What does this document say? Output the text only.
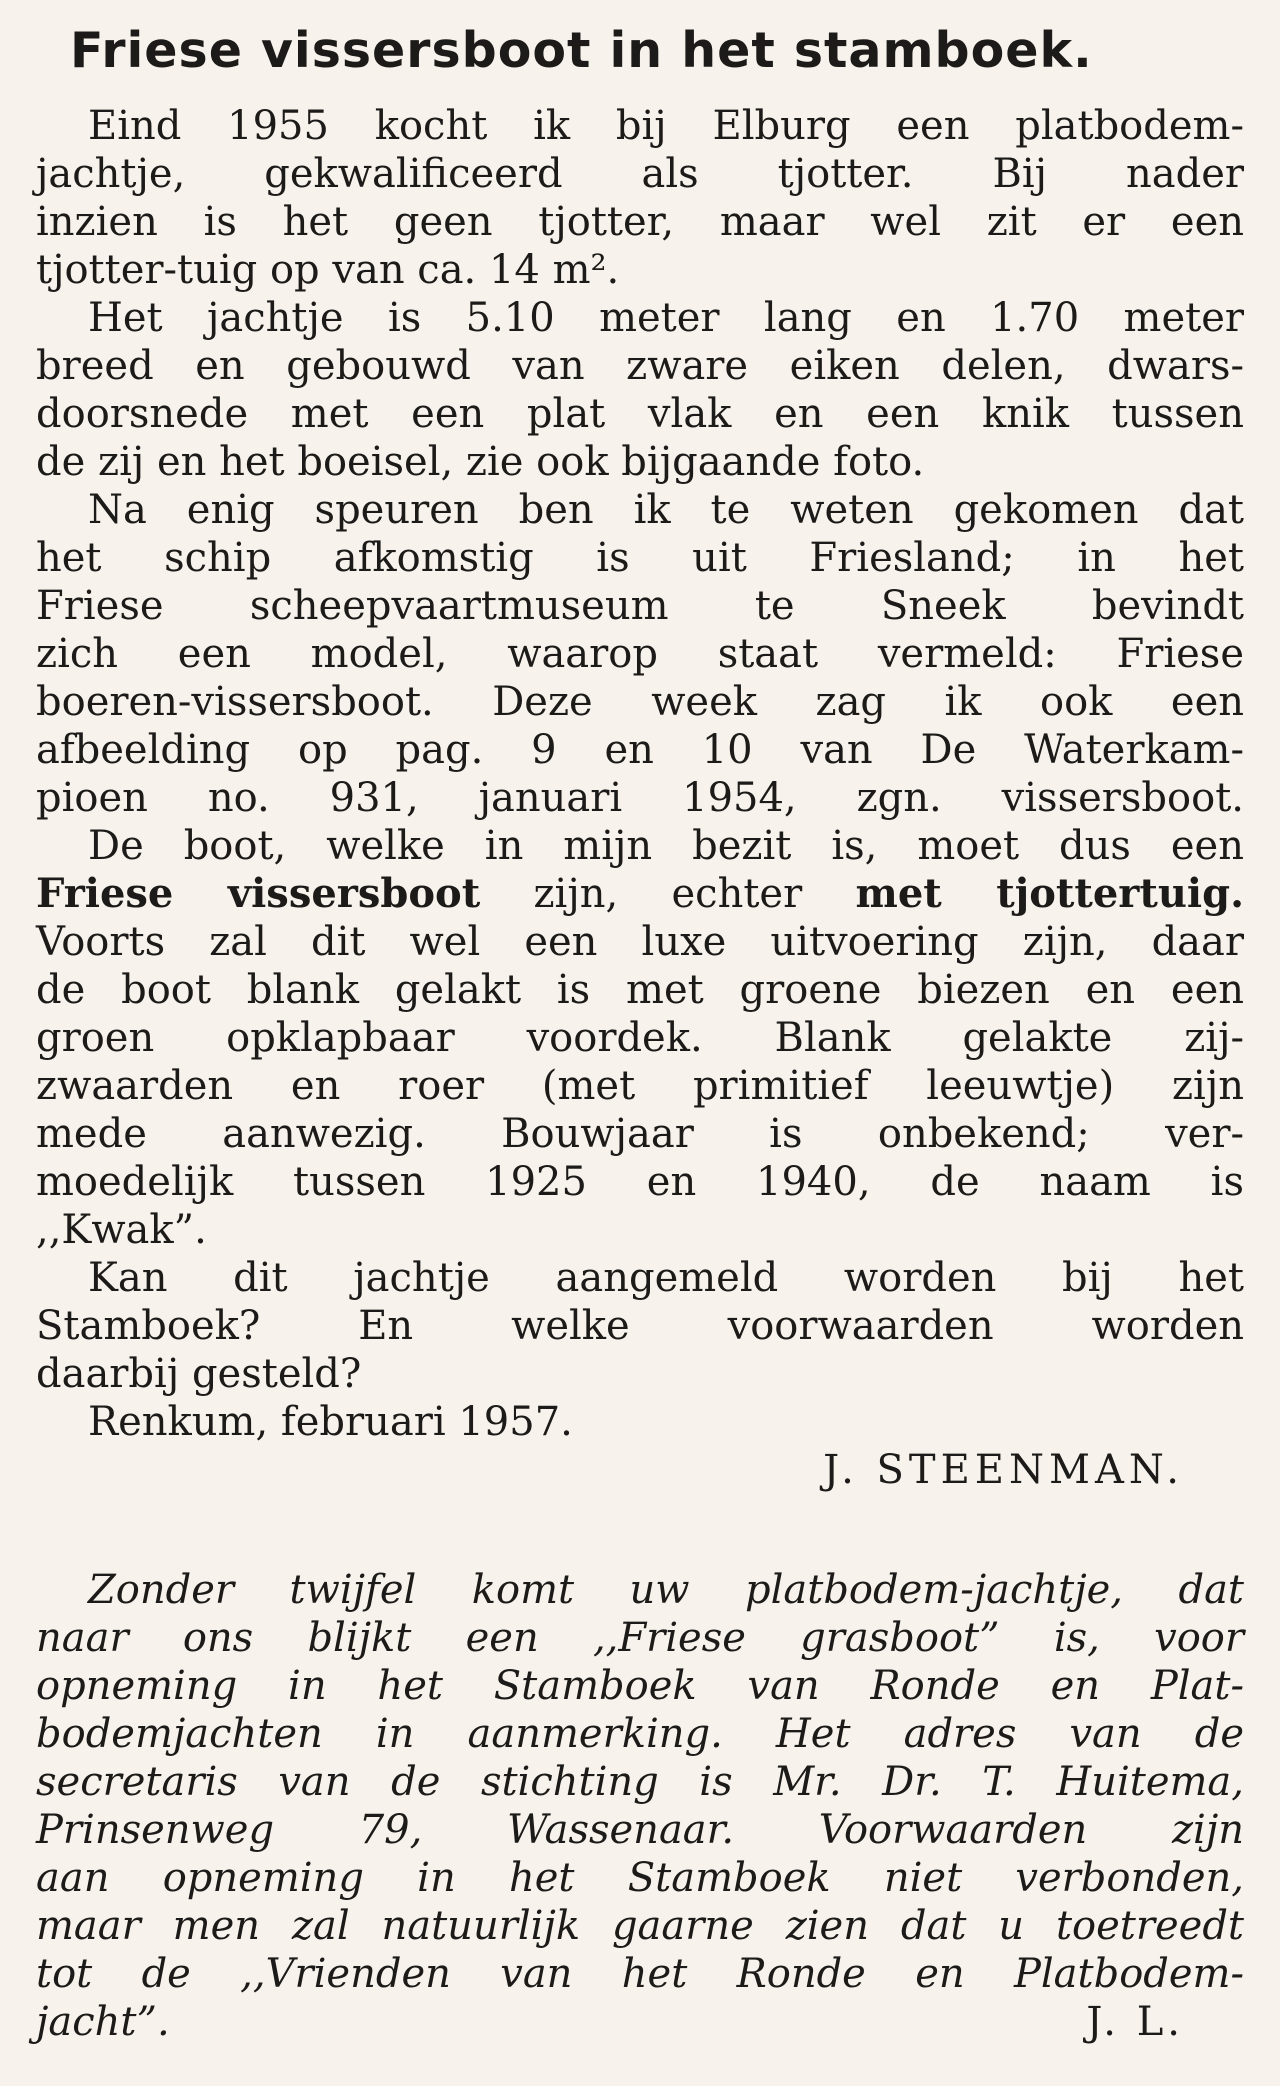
Friese vissersboot in het stamboek.
Eind 1955 kocht ik bij Elburg een platbodem-
jachtje, gekwalificeerd als tjotter. Bij nader
inzien is het geen tjotter, maar wel zit er een
tjotter-tuig op van ca. 14 m².
Het jachtje is 5.10 meter lang en 1.70 meter
breed en gebouwd van zware eiken delen, dwars-
doorsnede met een plat vlak en een knik tussen
de zij en het boeisel, zie ook bijgaande foto.
Na enig speuren ben ik te weten gekomen dat
het schip afkomstig is uit Friesland; in het
Friese scheepvaartmuseum te Sneek bevindt
zich een model, waarop staat vermeld: Friese
boeren-vissersboot. Deze week zag ik ook een
afbeelding op pag. 9 en 10 van De Waterkam-
pioen no. 931, januari 1954, zgn. vissersboot.
De boot, welke in mijn bezit is, moet dus een
Friese vissersboot zijn, echter met tjottertuig.
Voorts zal dit wel een luxe uitvoering zijn, daar
de boot blank gelakt is met groene biezen en een
groen opklapbaar voordek. Blank gelakte zij-
zwaarden en roer (met primitief leeuwtje) zijn
mede aanwezig. Bouwjaar is onbekend; ver-
moedelijk tussen 1925 en 1940, de naam is
,,Kwak”.
Kan dit jachtje aangemeld worden bij het
Stamboek? En welke voorwaarden worden
daarbij gesteld?
Renkum, februari 1957.
J. STEENMAN.
Zonder twijfel komt uw platbodem-jachtje, dat
naar ons blijkt een ,,Friese grasboot” is, voor
opneming in het Stamboek van Ronde en Plat-
bodemjachten in aanmerking. Het adres van de
secretaris van de stichting is Mr. Dr. T. Huitema,
Prinsenweg 79, Wassenaar. Voorwaarden zijn
aan opneming in het Stamboek niet verbonden,
maar men zal natuurlijk gaarne zien dat u toetreedt
tot de ,,Vrienden van het Ronde en Platbodem-
jacht”.	J. L.
